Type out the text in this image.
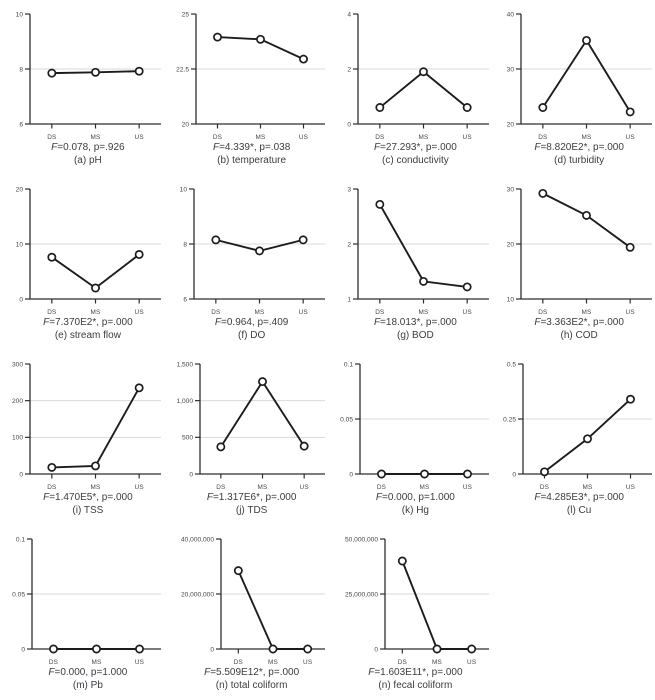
6
8
10
DS	MS	US
F=0.078, p=.926
(a) pH
20
22.5
25
DS	MS	US
F=4.339*, p=.038
(b) temperature
0
2
4
DS	MS	US
F=27.293*, p=.000
(c) conductivity
20
30
40
DS	MS	US
F=8.820E2*, p=.000
(d) turbidity
0
10
20
DS	MS	US
F=7.370E2*, p=.000
(e) stream flow
6
8
10
DS	MS	US
F=0.964, p=.409
(f) DO
1
2
3
DS	MS	US
F=18.013*, p=.000
(g) BOD
10
20
30
DS	MS	US
F=3.363E2*, p=.000
(h) COD
0
100
200
300
DS	MS	US
F=1.470E5*, p=.000
(i) TSS
0
500
1,000
1,500
DS	MS	US
F=1.317E6*, p=.000
(j) TDS
0
0.05
0.1
DS	MS	US
F=0.000, p=1.000
(k) Hg
0
0.25
0.5
DS	MS	US
F=4.285E3*, p=.000
(l) Cu
0
0.05
0.1
DS	MS	US
F=0.000, p=1.000
(m) Pb
0
20,000,000
40,000,000
DS	MS	US
F=5.509E12*, p=.000
(n) total coliform
0
25,000,000
50,000,000
DS	MS	US
F=1.603E11*, p=.000
(n) fecal coliform
